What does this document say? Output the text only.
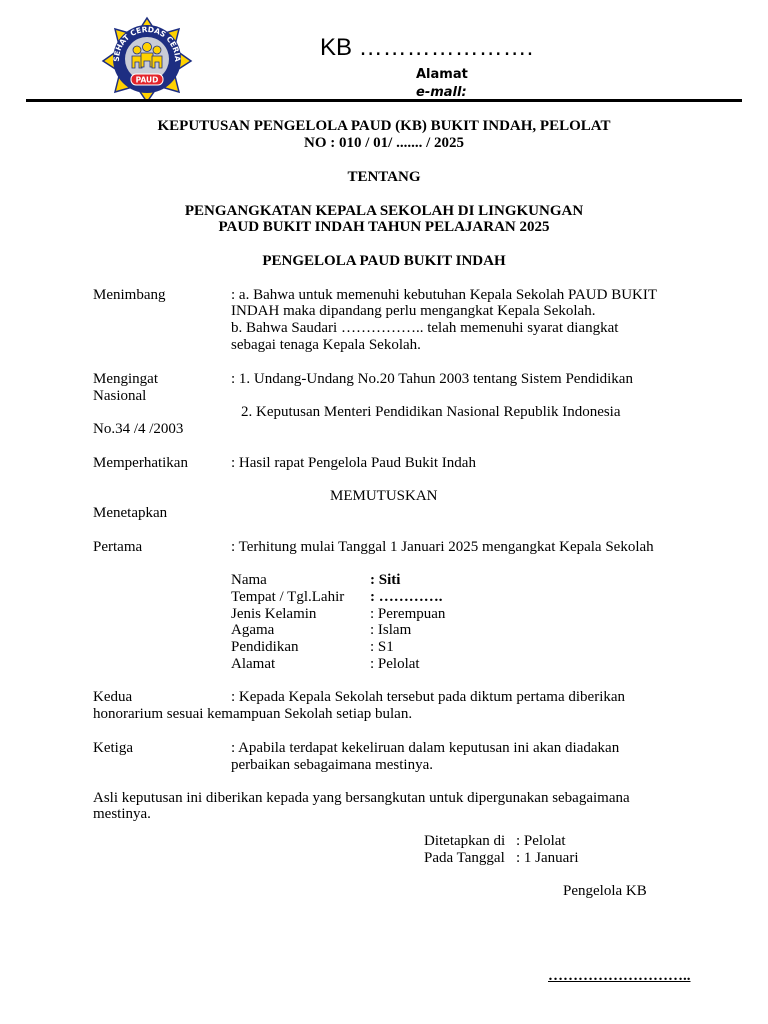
SEHAT CERDAS CERIA
PAUD
KB ………………….
Alamat
e-mall:
KEPUTUSAN PENGELOLA PAUD (KB) BUKIT INDAH, PELOLAT
NO : 010 / 01/ ....... / 2025
TENTANG
PENGANGKATAN KEPALA SEKOLAH DI LINGKUNGAN
PAUD BUKIT INDAH TAHUN PELAJARAN 2025
PENGELOLA PAUD BUKIT INDAH
Menimbang	: a. Bahwa untuk memenuhi kebutuhan Kepala Sekolah PAUD BUKIT
INDAH maka dipandang perlu mengangkat Kepala Sekolah.
b. Bahwa Saudari …………….. telah memenuhi syarat diangkat
sebagai tenaga Kepala Sekolah.
Mengingat
Nasional
: 1. Undang-Undang No.20 Tahun 2003 tentang Sistem Pendidikan
2. Keputusan Menteri Pendidikan Nasional Republik Indonesia
No.34 /4 /2003
Memperhatikan	: Hasil rapat Pengelola Paud Bukit Indah
MEMUTUSKAN
Menetapkan
Pertama	: Terhitung mulai Tanggal 1 Januari 2025 mengangkat Kepala Sekolah
Nama	: Siti
Tempat / Tgl.Lahir : ………….
Jenis Kelamin	: Perempuan
Agama	: Islam
Pendidikan	: S1
Alamat	: Pelolat
Kedua	: Kepada Kepala Sekolah tersebut pada diktum pertama diberikan
honorarium sesuai kemampuan Sekolah setiap bulan.
Ketiga	: Apabila terdapat kekeliruan dalam keputusan ini akan diadakan
perbaikan sebagaimana mestinya.
Asli keputusan ini diberikan kepada yang bersangkutan untuk dipergunakan sebagaimana
mestinya.
Ditetapkan di : Pelolat
Pada Tanggal : 1 Januari
Pengelola KB
………………………..
